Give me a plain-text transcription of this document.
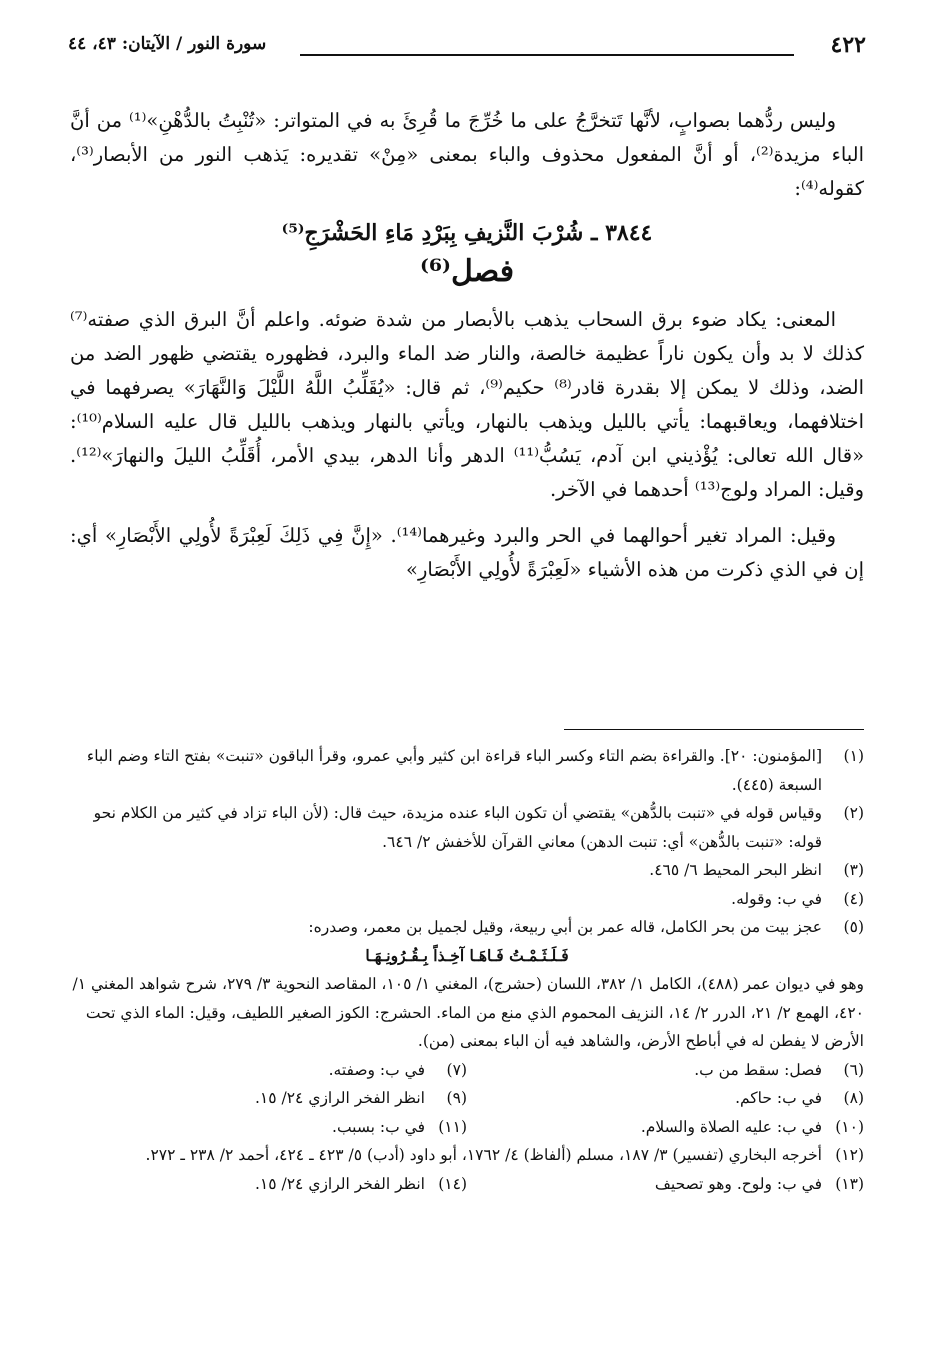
٤٢٢
سورة النور / الآيتان: ٤٣، ٤٤

وليس ردُّهما بصوابٍ، لأنَّها تَتخرَّجُ على ما خُرِّجَ ما قُرِئَ به في المتواتر: «تُنْبِتُ بالدُّهْنِ»⁽¹⁾ من أنَّ الباء مزيدة⁽²⁾، أو أنَّ المفعول محذوف والباء بمعنى «مِنْ» تقديره: يَذهب النور من الأبصار⁽³⁾، كقوله⁽⁴⁾:

٣٨٤٤ ـ شُرْبَ النَّزيفِ بِبَرْدِ مَاءِ الحَشْرَجِ⁽⁵⁾
فصل⁽⁶⁾

المعنى: يكاد ضوء برق السحاب يذهب بالأبصار من شدة ضوئه. واعلم أنَّ البرق الذي صفته⁽⁷⁾ كذلك لا بد وأن يكون ناراً عظيمة خالصة، والنار ضد الماء والبرد، فظهوره يقتضي ظهور الضد من الضد، وذلك لا يمكن إلا بقدرة قادر⁽⁸⁾ حكيم⁽⁹⁾، ثم قال: «يُقَلِّبُ اللَّهُ اللَّيْلَ وَالنَّهَارَ» يصرفهما في اختلافهما، ويعاقبهما: يأتي بالليل ويذهب بالنهار، ويأتي بالنهار ويذهب بالليل قال عليه السلام⁽¹⁰⁾: «قال الله تعالى: يُؤْذيني ابن آدم، يَسُبُّ⁽¹¹⁾ الدهر وأنا الدهر، بيدي الأمر، أُقَلِّبُ الليلَ والنهارَ»⁽¹²⁾. وقيل: المراد ولوج⁽¹³⁾ أحدهما في الآخر.

وقيل: المراد تغير أحوالهما في الحر والبرد وغيرهما⁽¹⁴⁾. «إِنَّ فِي ذَلِكَ لَعِبْرَةً لأُولِي الأَبْصَارِ» أي: إن في الذي ذكرت من هذه الأشياء «لَعِبْرَةً لأُولِي الأَبْصَارِ»

(١)
[المؤمنون: ٢٠]. والقراءة بضم التاء وكسر الباء قراءة ابن كثير وأبي عمرو، وقرأ الباقون «تنبت» بفتح التاء وضم الباء السبعة (٤٤٥).

(٢)
وقياس قوله في «تنبت بالدُّهن» يقتضي أن تكون الباء عنده مزيدة، حيث قال: (لأن الباء تزاد في كثير من الكلام نحو قوله: «تنبت بالدُّهن» أي: تنبت الدهن) معاني القرآن للأخفش ٢/ ٦٤٦.

(٣)
انظر البحر المحيط ٦/ ٤٦٥.

(٤)
في ب: وقوله.

(٥)
عجز بيت من بحر الكامل، قاله عمر بن أبي ربيعة، وقيل لجميل بن معمر، وصدره:

فَـلَـثَـمْـتُ فَـاهَـا آخِـذاً بِـقُـرُونِـهَـا

وهو في ديوان عمر (٤٨٨)، الكامل ١/ ٣٨٢، اللسان (حشرج)، المغني ١/ ١٠٥، المقاصد النحوية ٣/ ٢٧٩، شرح شواهد المغني ١/ ٤٢٠، الهمع ٢/ ٢١، الدرر ٢/ ١٤، النزيف المحموم الذي منع من الماء. الحشرج: الكوز الصغير اللطيف، وقيل: الماء الذي تحت الأرض لا يفطن له في أباطح الأرض، والشاهد فيه أن الباء بمعنى (من).

(٦)
فصل: سقط من ب.
(٧)
في ب: وصفته.
(٨)
في ب: حاكم.
(٩)
انظر الفخر الرازي ٢٤/ ١٥.
(١٠)
في ب: عليه الصلاة والسلام.
(١١)
في ب: بسبب.

(١٢)
أخرجه البخاري (تفسير) ٣/ ١٨٧، مسلم (ألفاظ) ٤/ ١٧٦٢، أبو داود (أدب) ٥/ ٤٢٣ ـ ٤٢٤، أحمد ٢/ ٢٣٨ ـ ٢٧٢.

(١٣)
في ب: ولوح. وهو تصحيف
(١٤)
انظر الفخر الرازي ٢٤/ ١٥.
